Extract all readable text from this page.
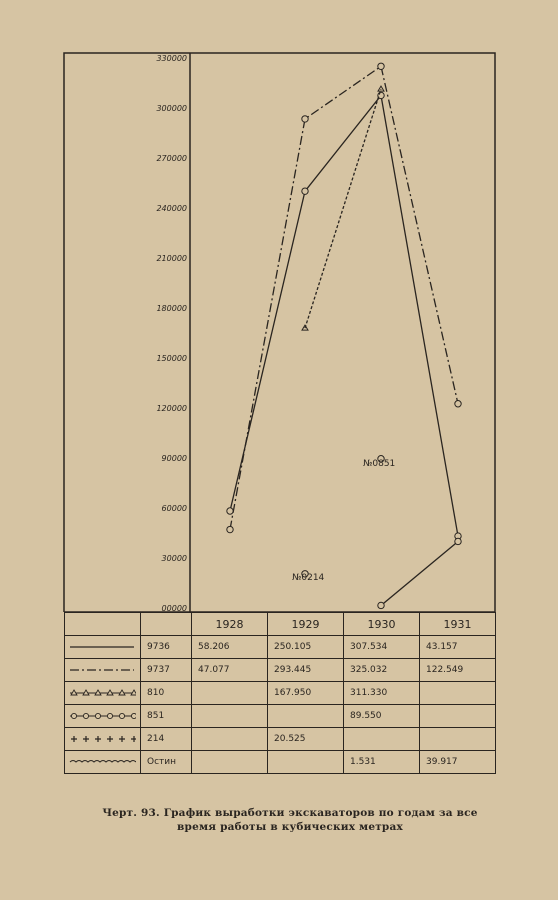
330000
300000
270000
240000
210000
180000
150000
120000
90000
60000
30000
00000
№0851
№0214
		1928	1929	1930	1931

	9736	58.206	250.105	307.534	43.157

	9737	47.077	293.445	325.032	122.549

	810		167.950	311.330	

	851			89.550	

	214		20.525		

	Остин			1.531	39.917
Черт. 93. График выработки экскаваторов по годам за все
время работы в кубических метрах
